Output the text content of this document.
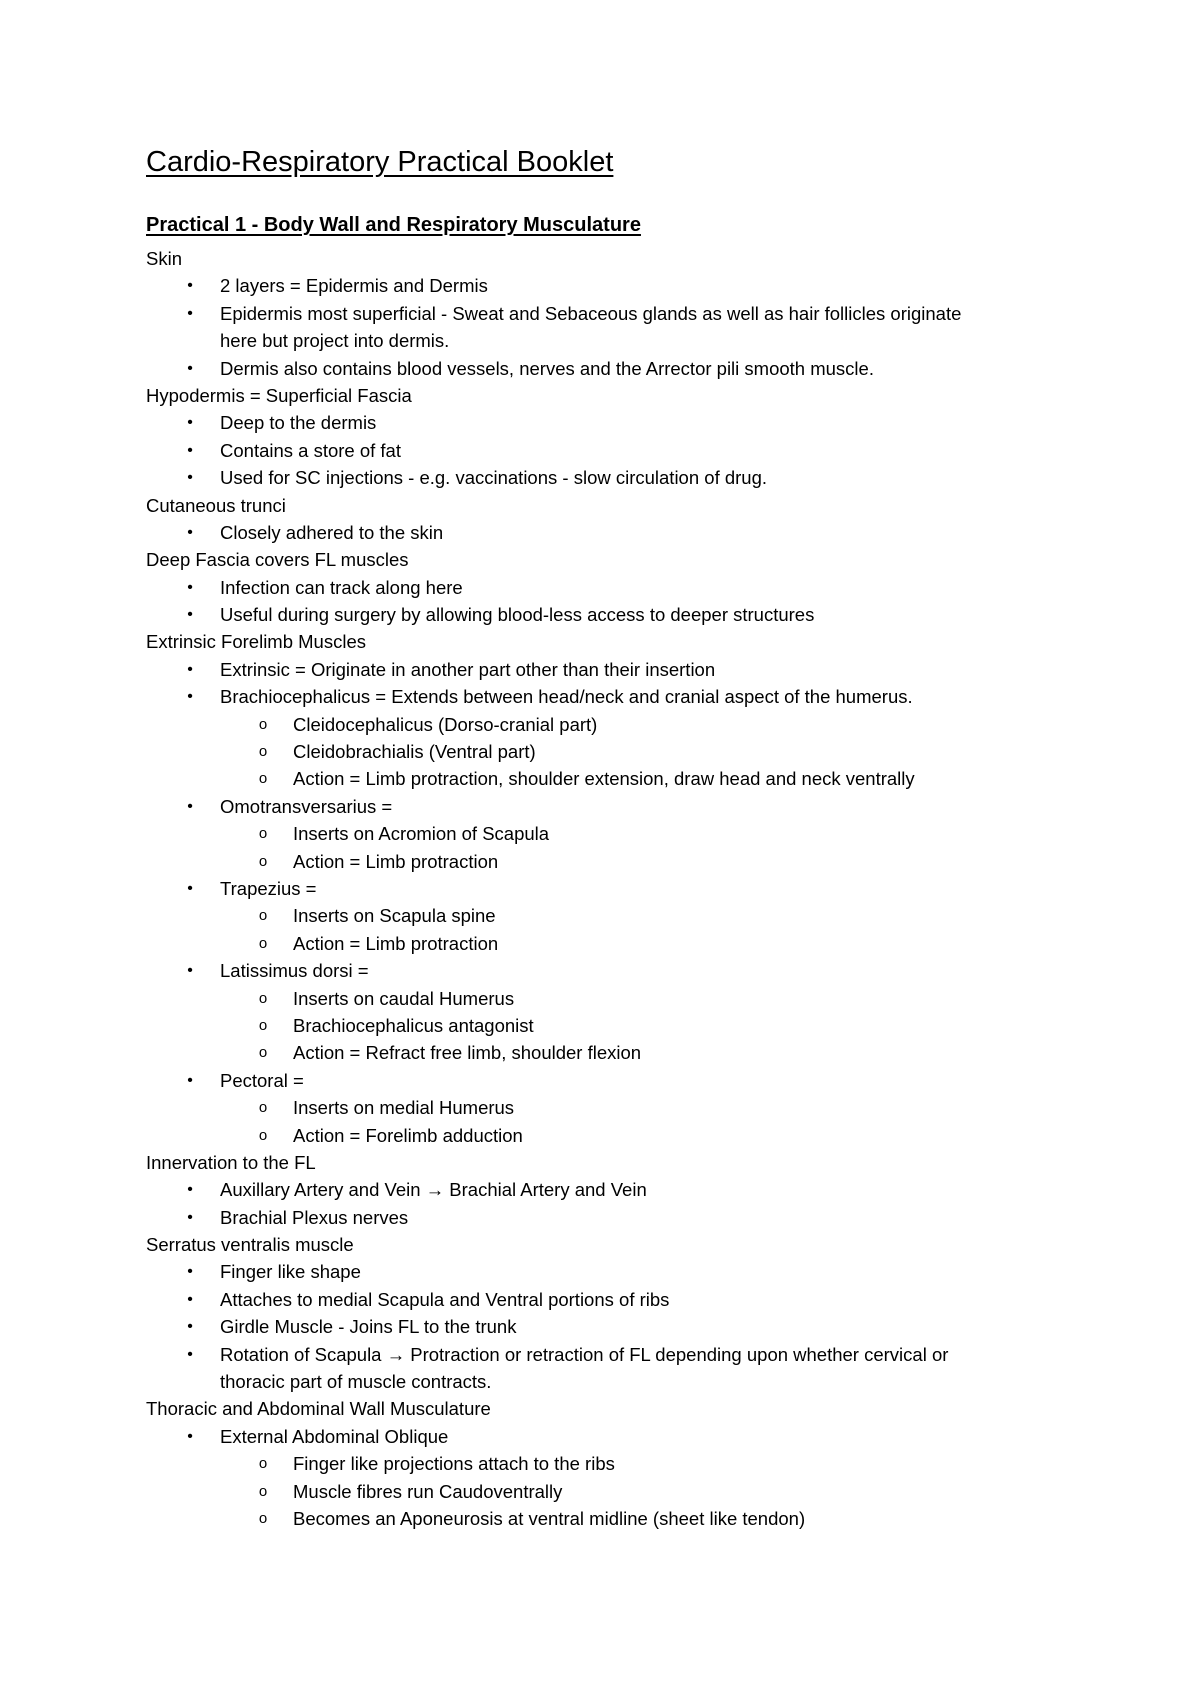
Cardio-Respiratory Practical Booklet
Practical 1 - Body Wall and Respiratory Musculature
Skin
•	2 layers = Epidermis and Dermis
•	Epidermis most superficial - Sweat and Sebaceous glands as well as hair follicles originate
here but project into dermis.
•	Dermis also contains blood vessels, nerves and the Arrector pili smooth muscle.
Hypodermis = Superficial Fascia
•	Deep to the dermis
•	Contains a store of fat
•	Used for SC injections - e.g. vaccinations - slow circulation of drug.
Cutaneous trunci
•	Closely adhered to the skin
Deep Fascia covers FL muscles
•	Infection can track along here
•	Useful during surgery by allowing blood-less access to deeper structures
Extrinsic Forelimb Muscles
•	Extrinsic = Originate in another part other than their insertion
•	Brachiocephalicus = Extends between head/neck and cranial aspect of the humerus.
o	Cleidocephalicus (Dorso-cranial part)
o	Cleidobrachialis (Ventral part)
o	Action = Limb protraction, shoulder extension, draw head and neck ventrally
•	Omotransversarius =
o	Inserts on Acromion of Scapula
o	Action = Limb protraction
•	Trapezius =
o	Inserts on Scapula spine
o	Action = Limb protraction
•	Latissimus dorsi =
o	Inserts on caudal Humerus
o	Brachiocephalicus antagonist
o	Action = Refract free limb, shoulder flexion
•	Pectoral =
o	Inserts on medial Humerus
o	Action = Forelimb adduction
Innervation to the FL
•	Auxillary Artery and Vein → Brachial Artery and Vein
•	Brachial Plexus nerves
Serratus ventralis muscle
•	Finger like shape
•	Attaches to medial Scapula and Ventral portions of ribs
•	Girdle Muscle - Joins FL to the trunk
•	Rotation of Scapula → Protraction or retraction of FL depending upon whether cervical or
thoracic part of muscle contracts.
Thoracic and Abdominal Wall Musculature
•	External Abdominal Oblique
o	Finger like projections attach to the ribs
o	Muscle fibres run Caudoventrally
o	Becomes an Aponeurosis at ventral midline (sheet like tendon)
